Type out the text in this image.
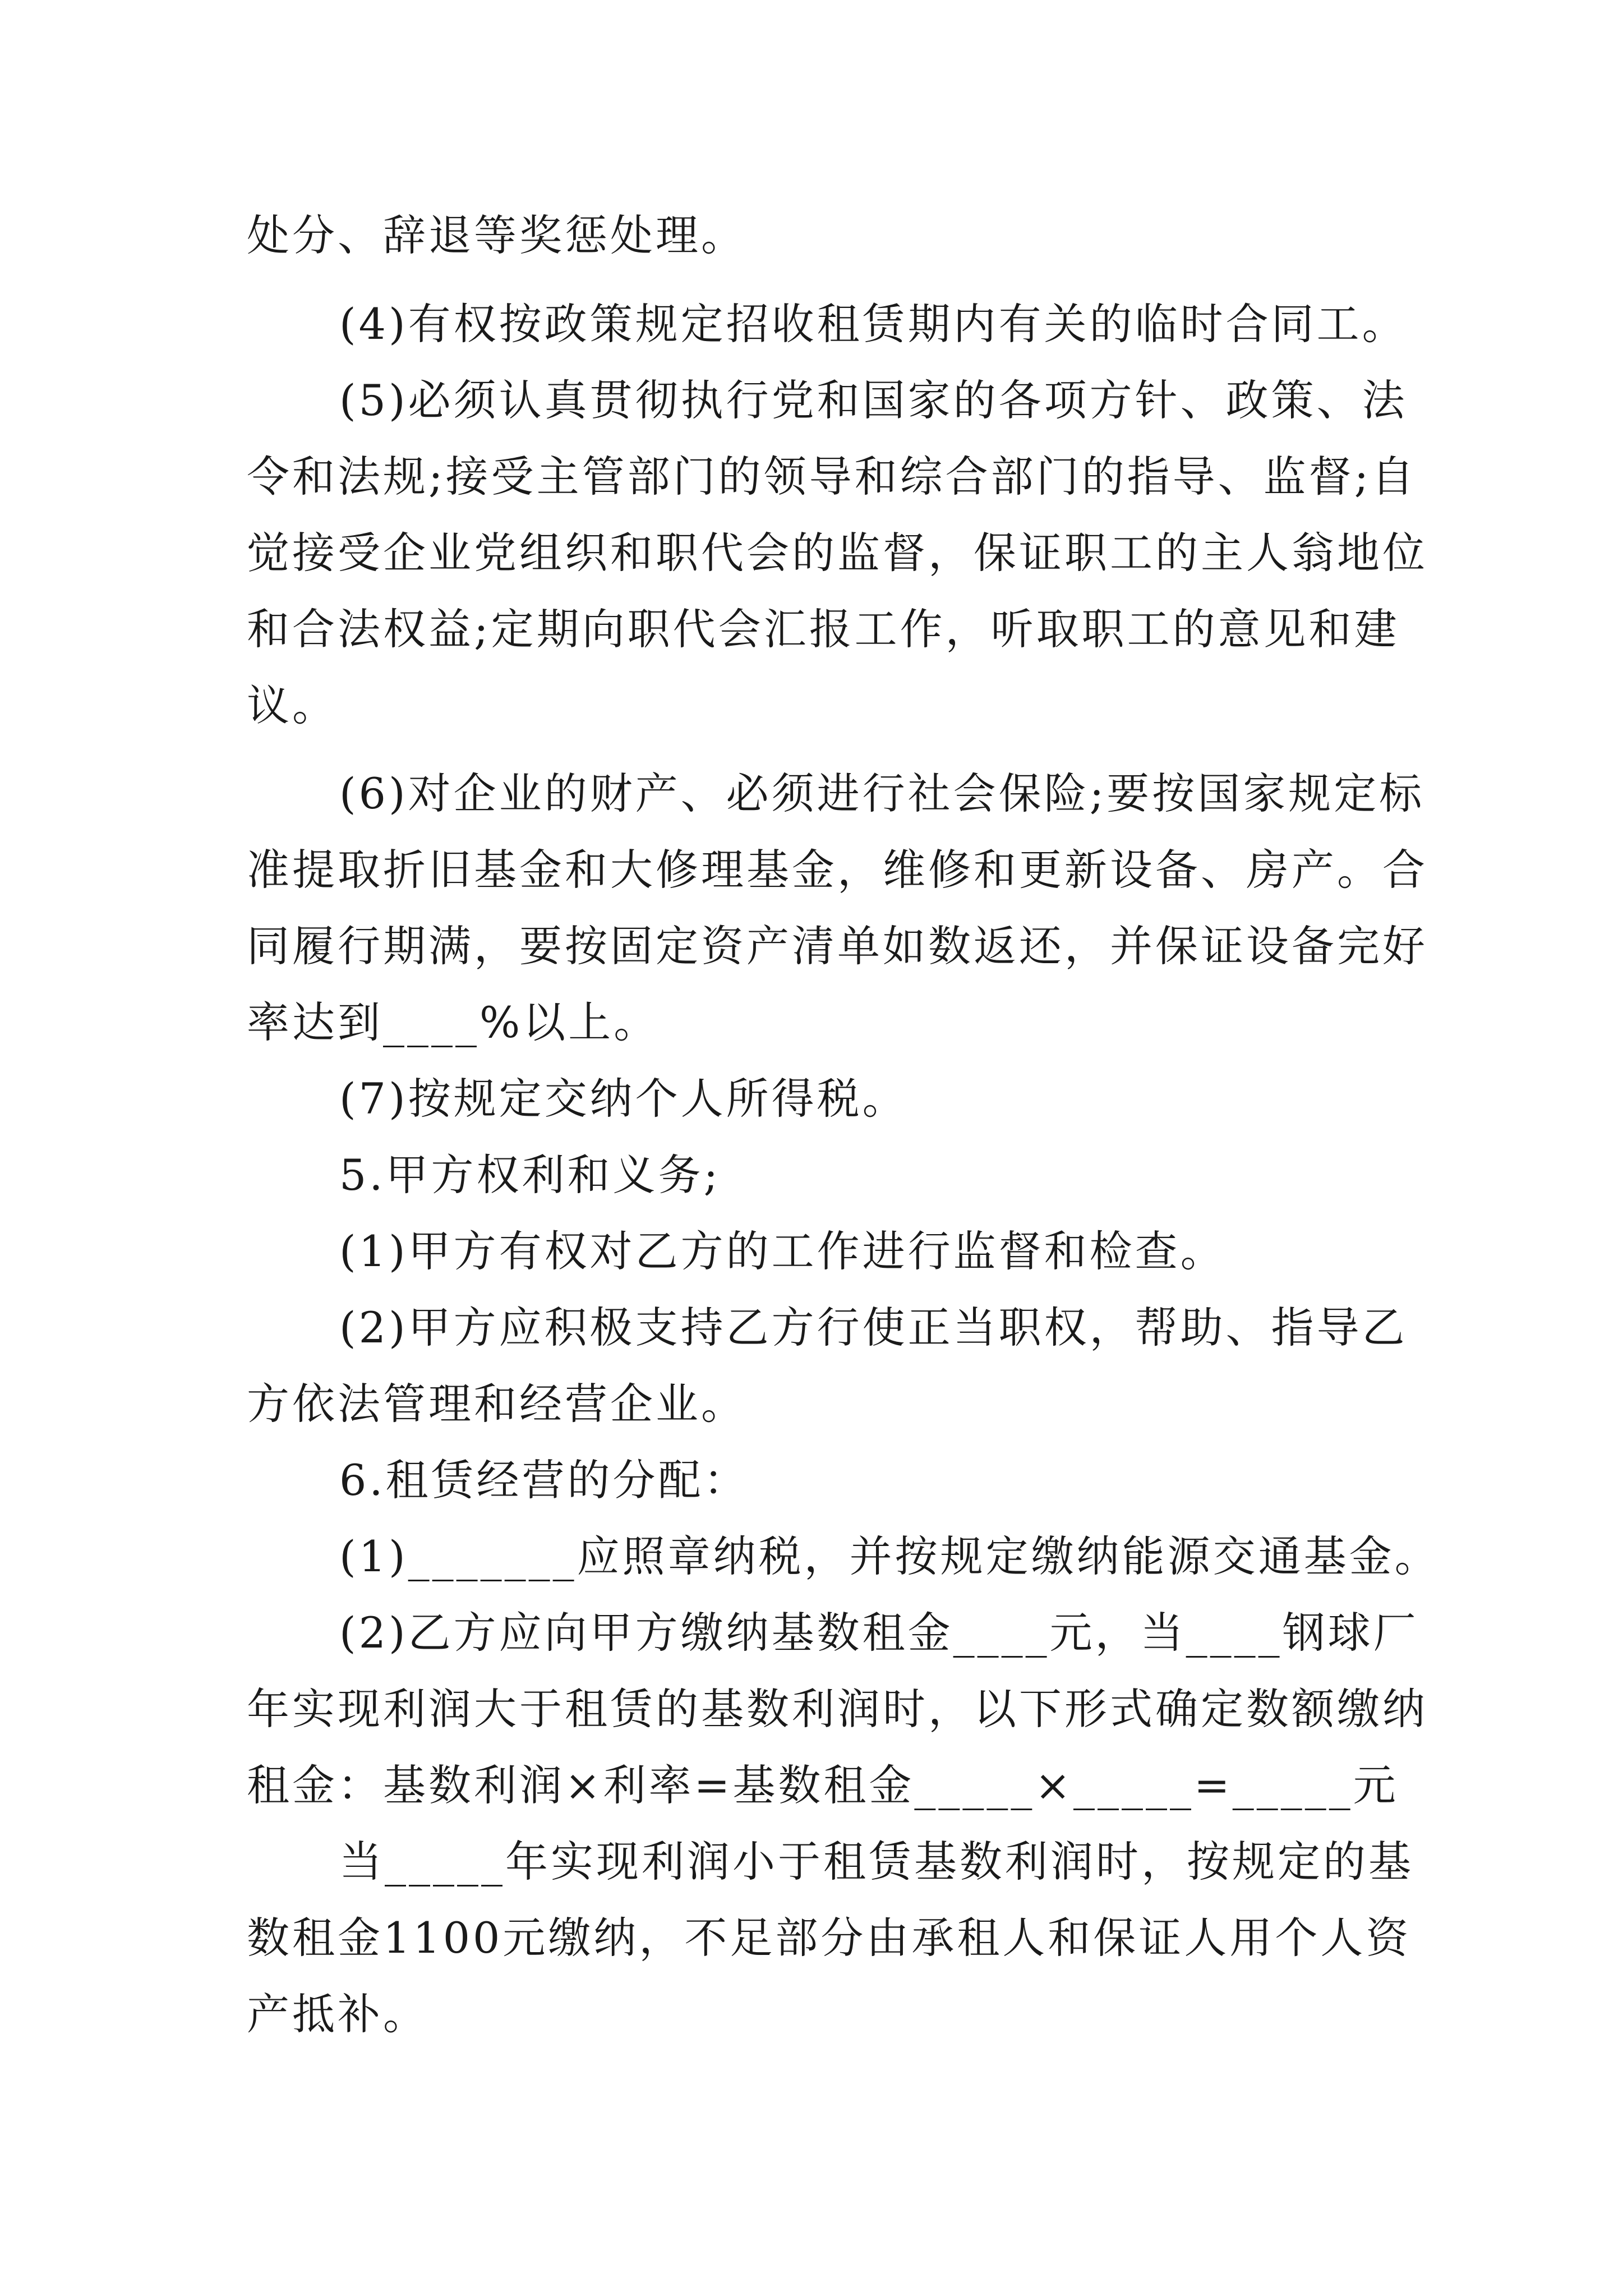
处分、辞退等奖惩处理。
(4)有权按政策规定招收租赁期内有关的临时合同工。
(5)必须认真贯彻执行党和国家的各项方针、政策、法
令和法规;接受主管部门的领导和综合部门的指导、监督;自
觉接受企业党组织和职代会的监督，保证职工的主人翁地位
和合法权益;定期向职代会汇报工作，听取职工的意见和建
议。
(6)对企业的财产、必须进行社会保险;要按国家规定标
准提取折旧基金和大修理基金，维修和更新设备、房产。合
同履行期满，要按固定资产清单如数返还，并保证设备完好
率达到____%以上。
(7)按规定交纳个人所得税。
5.甲方权利和义务;
(1)甲方有权对乙方的工作进行监督和检查。
(2)甲方应积极支持乙方行使正当职权，帮助、指导乙
方依法管理和经营企业。
6.租赁经营的分配：
(1)_______应照章纳税，并按规定缴纳能源交通基金。
(2)乙方应向甲方缴纳基数租金____元，当____钢球厂
年实现利润大于租赁的基数利润时，以下形式确定数额缴纳
租金：基数利润×利率=基数租金_____×_____=_____元
当_____年实现利润小于租赁基数利润时，按规定的基
数租金1100元缴纳，不足部分由承租人和保证人用个人资
产抵补。
